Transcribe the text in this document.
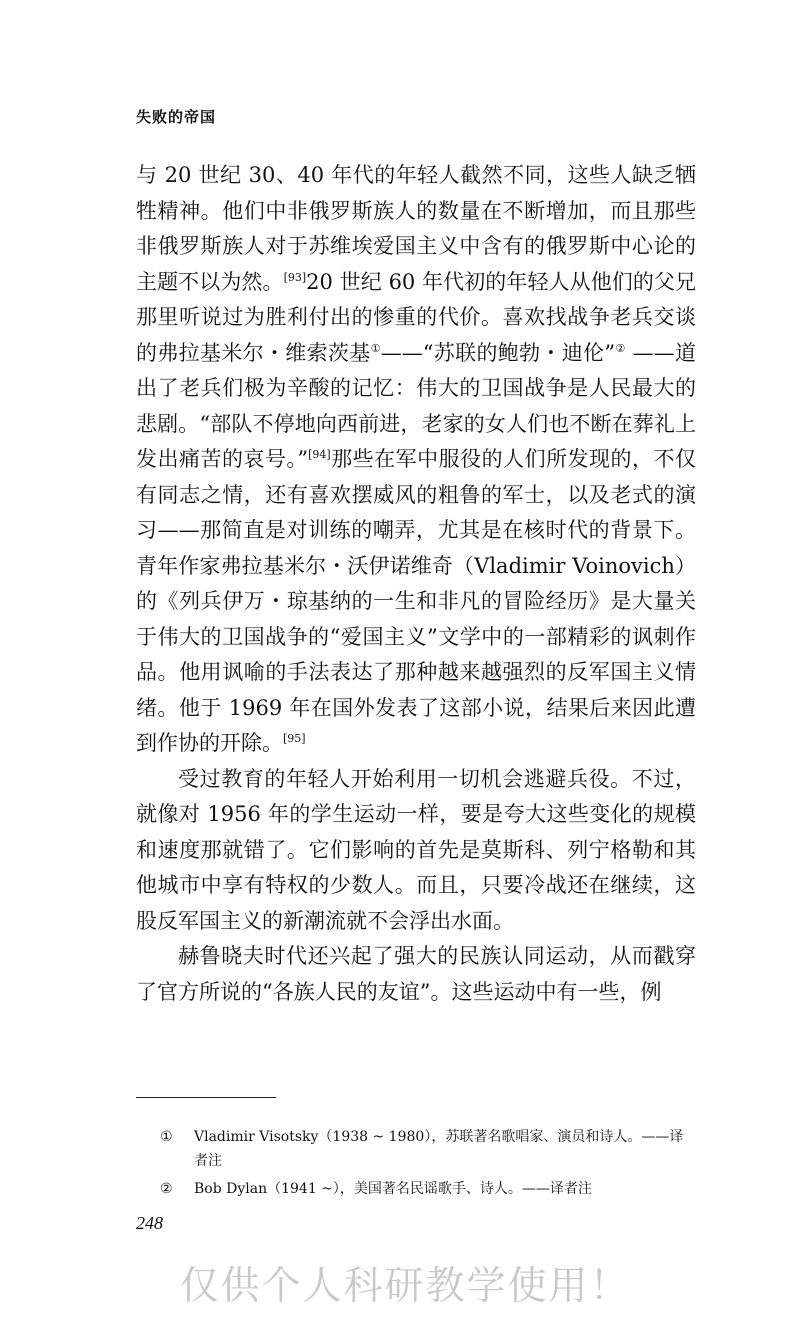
失败的帝国

与 20 世纪 30、40 年代的年轻人截然不同，这些人缺乏牺牲精神。他们中非俄罗斯族人的数量在不断增加，而且那些非俄罗斯族人对于苏维埃爱国主义中含有的俄罗斯中心论的主题不以为然。[93]20 世纪 60 年代初的年轻人从他们的父兄那里听说过为胜利付出的惨重的代价。喜欢找战争老兵交谈的弗拉基米尔・维索茨基①——“苏联的鲍勃・迪伦”② ——道出了老兵们极为辛酸的记忆：伟大的卫国战争是人民最大的悲剧。“部队不停地向西前进，老家的女人们也不断在葬礼上发出痛苦的哀号。”[94]那些在军中服役的人们所发现的，不仅有同志之情，还有喜欢摆威风的粗鲁的军士，以及老式的演习——那简直是对训练的嘲弄，尤其是在核时代的背景下。青年作家弗拉基米尔・沃伊诺维奇（Vladimir Voinovich）的《列兵伊万・琼基纳的一生和非凡的冒险经历》是大量关于伟大的卫国战争的“爱国主义”文学中的一部精彩的讽刺作品。他用讽喻的手法表达了那种越来越强烈的反军国主义情绪。他于 1969 年在国外发表了这部小说，结果后来因此遭到作协的开除。[95]

受过教育的年轻人开始利用一切机会逃避兵役。不过，就像对 1956 年的学生运动一样，要是夸大这些变化的规模和速度那就错了。它们影响的首先是莫斯科、列宁格勒和其他城市中享有特权的少数人。而且，只要冷战还在继续，这股反军国主义的新潮流就不会浮出水面。

赫鲁晓夫时代还兴起了强大的民族认同运动，从而戳穿了官方所说的“各族人民的友谊”。这些运动中有一些，例

①	Vladimir Visotsky（1938 ~ 1980），苏联著名歌唱家、演员和诗人。——译者注
②	Bob Dylan（1941 ~），美国著名民谣歌手、诗人。——译者注
248
仅供个人科研教学使用！
